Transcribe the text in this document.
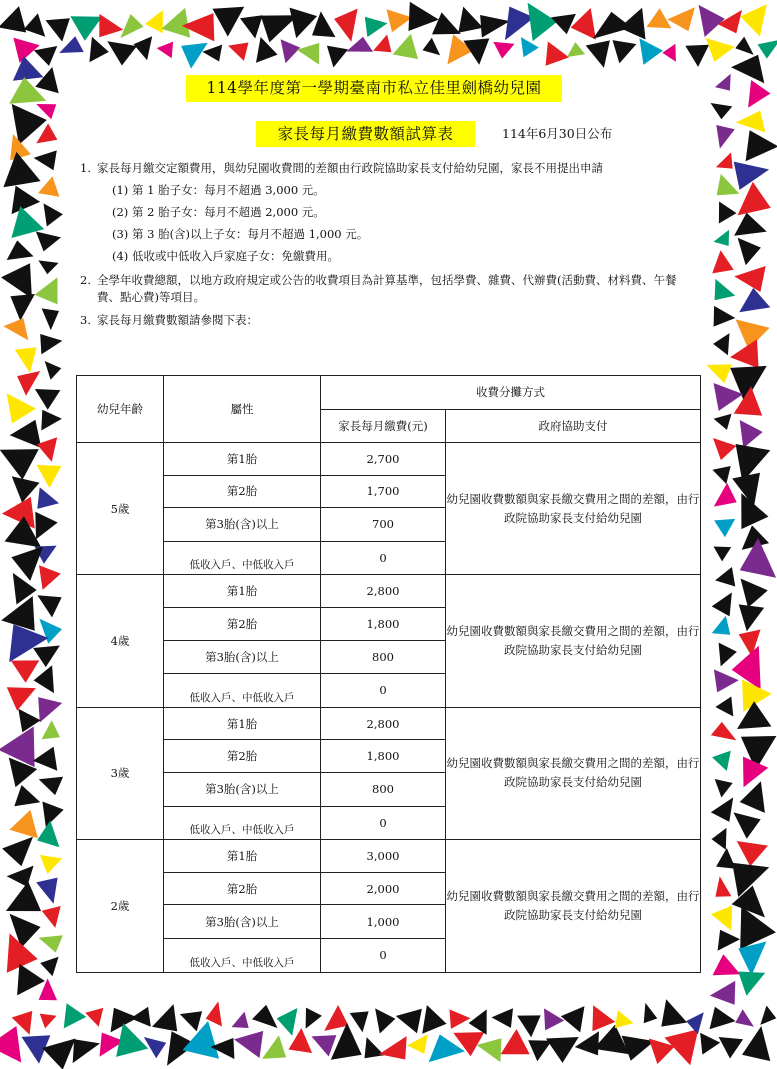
114學年度第一學期臺南市私立佳里劍橋幼兒園
家長每月繳費數額試算表	114年6月30日公布
1. 家長每月繳交定額費用，與幼兒園收費間的差額由行政院協助家長支付給幼兒園，家長不用提出申請
(1) 第 1 胎子女：每月不超過 3,000 元。
(2) 第 2 胎子女：每月不超過 2,000 元。
(3) 第 3 胎(含)以上子女：每月不超過 1,000 元。
(4) 低收或中低收入戶家庭子女：免繳費用。
2. 全學年收費總額，以地方政府規定或公告的收費項目為計算基準，包括學費、雜費、代辦費(活動費、材料費、午餐費、點心費)等項目。
3. 家長每月繳費數額請參閱下表：
幼兒年齡	屬性	收費分攤方式	
		家長每月繳費(元)	政府協助支付
5歲	第1胎	2,700	幼兒園收費數額與家長繳交費用之間的差額，由行政院協助家長支付給幼兒園
	第2胎	1,700	
	第3胎(含)以上	700	
	低收入戶、中低收入戶	0	
4歲	第1胎	2,800	幼兒園收費數額與家長繳交費用之間的差額，由行政院協助家長支付給幼兒園
	第2胎	1,800	
	第3胎(含)以上	800	
	低收入戶、中低收入戶	0	
3歲	第1胎	2,800	幼兒園收費數額與家長繳交費用之間的差額，由行政院協助家長支付給幼兒園
	第2胎	1,800	
	第3胎(含)以上	800	
	低收入戶、中低收入戶	0	
2歲	第1胎	3,000	幼兒園收費數額與家長繳交費用之間的差額，由行政院協助家長支付給幼兒園
	第2胎	2,000	
	第3胎(含)以上	1,000	
	低收入戶、中低收入戶	0	
